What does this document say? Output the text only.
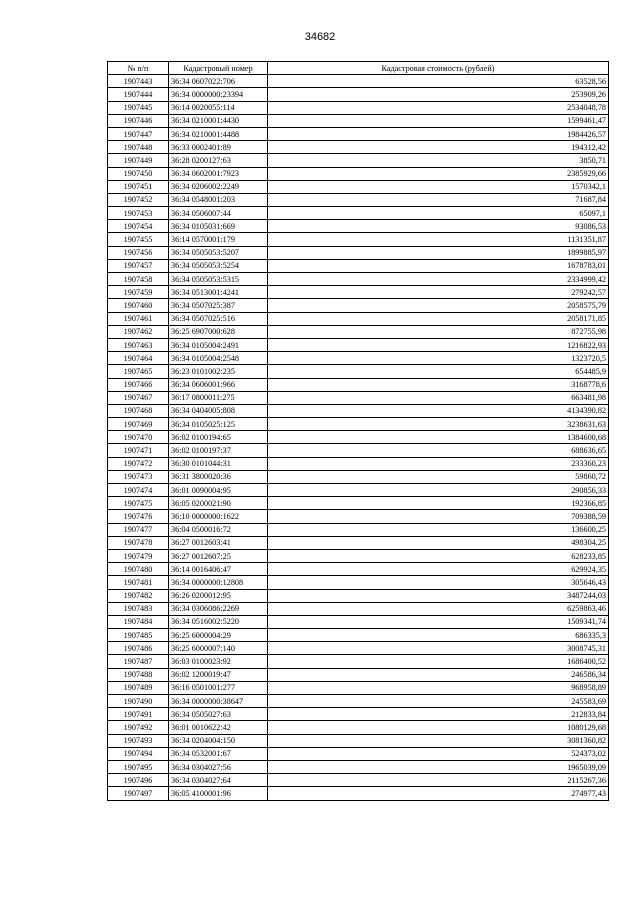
34682
№ п/п	Кадастровый номер	Кадастровая стоимость (рублей)
1907443	36:34 0607022:706	63528,56
1907444	36:34 0000000:23394	253909,26
1907445	36:14 0020055:114	2534048,78
1907446	36:34 0210001:4430	1599461,47
1907447	36:34 0210001:4488	1984426,57
1907448	36:33 0002401:89	194312,42
1907449	36:28 0200127:63	3850,71
1907450	36:34 0602001:7923	2385929,66
1907451	36:34 0206002:2249	1570342,1
1907452	36:34 0548001:203	71687,84
1907453	36:34 0506007:44	65097,1
1907454	36:34 0105031:669	93086,53
1907455	36:14 0570001:179	1131351,87
1907456	36:34 0505053:5207	1899885,97
1907457	36:34 0505053:5254	1678783,01
1907458	36:34 0505053:5315	2334999,42
1907459	36:34 0513001:4241	279242,57
1907460	36:34 0507025:387	2058575,79
1907461	36:34 0507025:516	2058171,85
1907462	36:25 6907000:628	872755,98
1907463	36:34 0105004:2491	1216822,93
1907464	36:34 0105004:2548	1323720,5
1907465	36:23 0101002:235	654485,9
1907466	36:34 0606001:966	3168778,6
1907467	36:17 0800011:275	663481,98
1907468	36:34 0404005:808	4134390,82
1907469	36:34 0105025:125	3238631,63
1907470	36:02 0100194:65	1384600,68
1907471	36:02 0100197:37	688636,65
1907472	36:30 0101044:31	233360,23
1907473	36:31 3800020:36	59860,72
1907474	36:01 0090004:95	290856,33
1907475	36:05 0200021:90	192366,85
1907476	36:10 0000000:1622	709388,59
1907477	36:04 0500016:72	136600,25
1907478	36:27 0012603:41	498304,25
1907479	36:27 0012607:25	628233,85
1907480	36:14 0016406:47	629924,35
1907481	36:34 0000000:12808	305646,43
1907482	36:26 0200012:95	3487244,03
1907483	36:34 0306086:2269	6259863,46
1907484	36:34 0516002:5220	1509341,74
1907485	36:25 6000004:29	686335,3
1907486	36:25 6000007:140	3008745,31
1907487	36:03 0100023:92	1686400,52
1907488	36:02 1200019:47	246586,34
1907489	36:16 0501001:277	968958,89
1907490	36:34 0000000:38647	245583,69
1907491	36:34 0505027:63	212833,84
1907492	36:01 0010622:42	1080129,68
1907493	36:34 0204004:150	3081360,82
1907494	36:34 0532001:67	524373,02
1907495	36:34 0304027:56	1965039,09
1907496	36:34 0304027:64	2115267,36
1907497	36:05 4100001:96	274977,43
